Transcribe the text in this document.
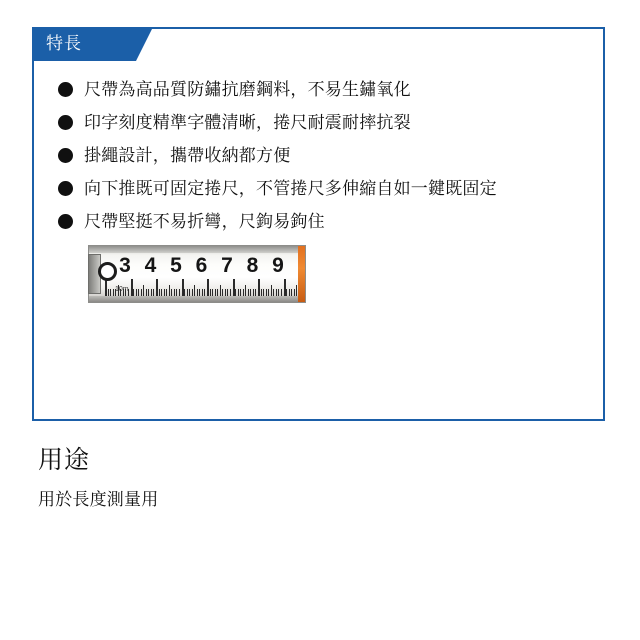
特長
尺帶為高品質防鏽抗磨鋼料，不易生鏽氧化
印字刻度精準字體清晰，捲尺耐震耐摔抗裂
掛繩設計，攜帶收納都方便
向下推既可固定捲尺，不管捲尺多伸縮自如一鍵既固定
尺帶堅挺不易折彎，尺鉤易鉤住
3 4 5 6 7 8 9
10m
用途
用於長度測量用
